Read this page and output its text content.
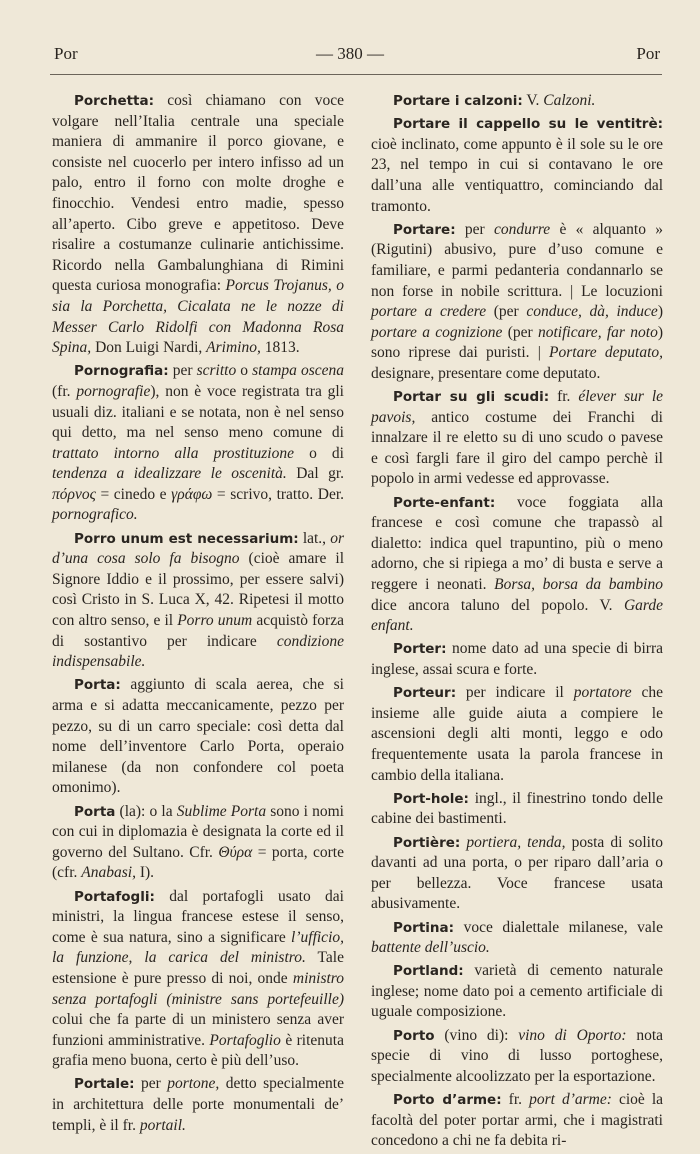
— 380 —
Por	Por

Porchetta: così chiamano con voce volgare nell’Italia centrale una speciale maniera di ammanire il porco giovane, e consiste nel cuocerlo per intero infisso ad un palo, entro il forno con molte droghe e finocchio. Vendesi entro madie, spesso all’aperto. Cibo greve e appetitoso. Deve risalire a costumanze culinarie antichissime. Ricordo nella Gambalunghiana di Rimini questa curiosa monografia: Porcus Trojanus, o sia la Porchetta, Cicalata ne le nozze di Messer Carlo Ridolfi con Madonna Rosa Spina, Don Luigi Nardi, Arimino, 1813.

Pornografia: per scritto o stampa oscena (fr. pornografie), non è voce registrata tra gli usuali diz. italiani e se notata, non è nel senso qui detto, ma nel senso meno comune di trattato intorno alla prostituzione o di tendenza a idealizzare le oscenità. Dal gr. πόρνος = cinedo e γράφω = scrivo, tratto. Der. pornografico.

Porro unum est necessarium: lat., or d’una cosa solo fa bisogno (cioè amare il Signore Iddio e il prossimo, per essere salvi) così Cristo in S. Luca X, 42. Ripetesi il motto con altro senso, e il Porro unum acquistò forza di sostantivo per indicare condizione indispensabile.

Porta: aggiunto di scala aerea, che si arma e si adatta meccanicamente, pezzo per pezzo, su di un carro speciale: così detta dal nome dell’inventore Carlo Porta, operaio milanese (da non confondere col poeta omonimo).

Porta (la): o la Sublime Porta sono i nomi con cui in diplomazia è designata la corte ed il governo del Sultano. Cfr. Θύρα = porta, corte (cfr. Anabasi, I).

Portafogli: dal portafogli usato dai ministri, la lingua francese estese il senso, come è sua natura, sino a significare l’ufficio, la funzione, la carica del ministro. Tale estensione è pure presso di noi, onde ministro senza portafogli (ministre sans portefeuille) colui che fa parte di un ministero senza aver funzioni amministrative. Portafoglio è ritenuta grafia meno buona, certo è più dell’uso.

Portale: per portone, detto specialmente in architettura delle porte monumentali de’ templi, è il fr. portail.

Portare i calzoni: V. Calzoni.

Portare il cappello su le ventitrè: cioè inclinato, come appunto è il sole su le ore 23, nel tempo in cui si contavano le ore dall’una alle ventiquattro, cominciando dal tramonto.

Portare: per condurre è « alquanto » (Rigutini) abusivo, pure d’uso comune e familiare, e parmi pedanteria condannarlo se non forse in nobile scrittura. | Le locuzioni portare a credere (per conduce, dà, induce) portare a cognizione (per notificare, far noto) sono riprese dai puristi. | Portare deputato, designare, presentare come deputato.

Portar su gli scudi: fr. élever sur le pavois, antico costume dei Franchi di innalzare il re eletto su di uno scudo o pavese e così fargli fare il giro del campo perchè il popolo in armi vedesse ed approvasse.

Porte-enfant: voce foggiata alla francese e così comune che trapassò al dialetto: indica quel trapuntino, più o meno adorno, che si ripiega a mo’ di busta e serve a reggere i neonati. Borsa, borsa da bambino dice ancora taluno del popolo. V. Garde enfant.

Porter: nome dato ad una specie di birra inglese, assai scura e forte.

Porteur: per indicare il portatore che insieme alle guide aiuta a compiere le ascensioni degli alti monti, leggo e odo frequentemente usata la parola francese in cambio della italiana.

Port-hole: ingl., il finestrino tondo delle cabine dei bastimenti.

Portière: portiera, tenda, posta di solito davanti ad una porta, o per riparo dall’aria o per bellezza. Voce francese usata abusivamente.

Portina: voce dialettale milanese, vale battente dell’uscio.

Portland: varietà di cemento naturale inglese; nome dato poi a cemento artificiale di uguale composizione.

Porto (vino di): vino di Oporto: nota specie di vino di lusso portoghese, specialmente alcoolizzato per la esportazione.

Porto d’arme: fr. port d’arme: cioè la facoltà del poter portar armi, che i magistrati concedono a chi ne fa debita ri-
